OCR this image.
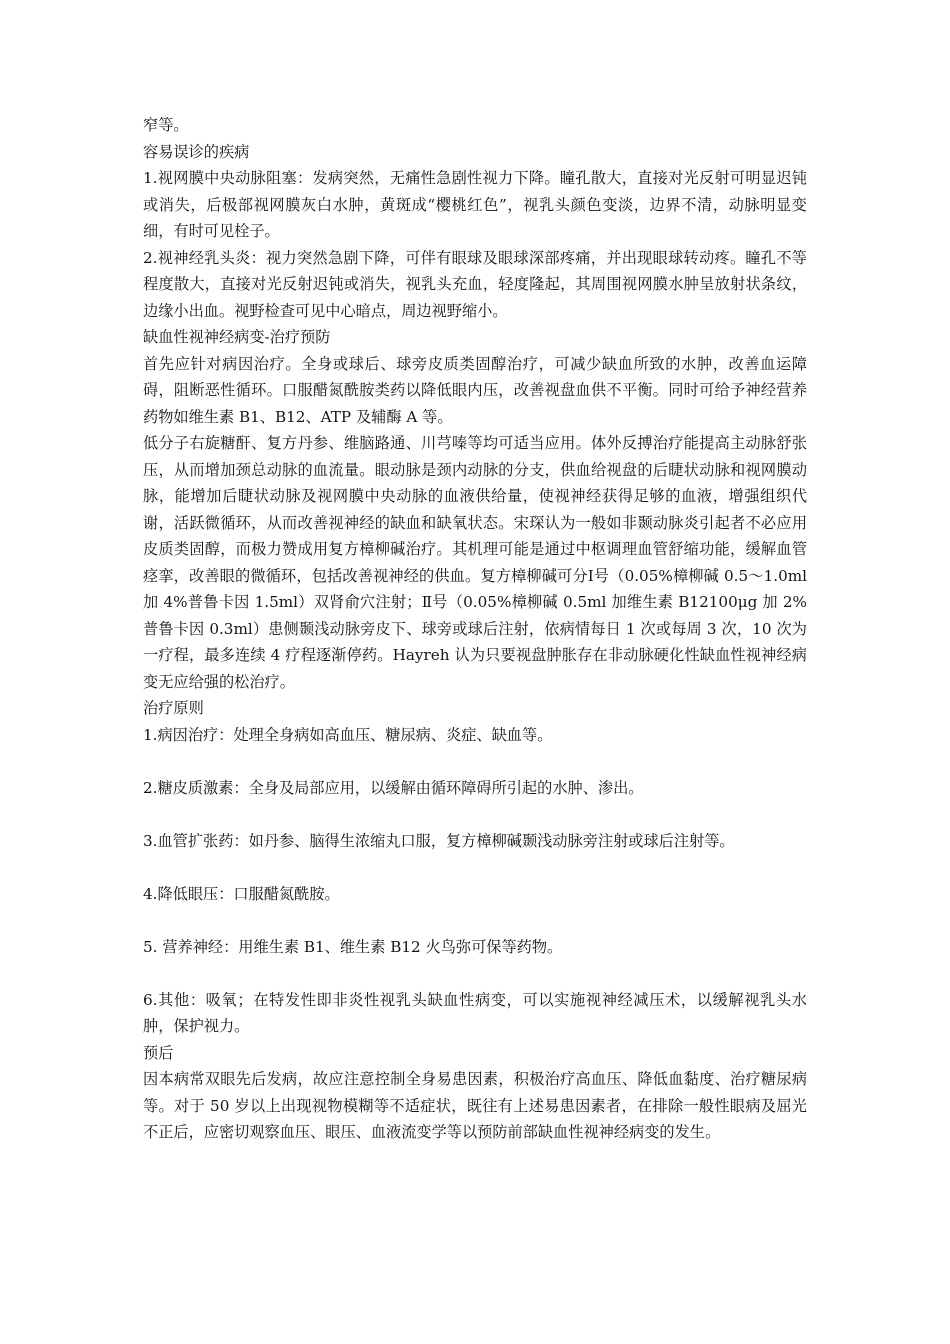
窄等。

容易误诊的疾病

1.视网膜中央动脉阻塞：发病突然，无痛性急剧性视力下降。瞳孔散大，直接对光反射可明显迟钝或消失，后极部视网膜灰白水肿，黄斑成“樱桃红色”，视乳头颜色变淡，边界不清，动脉明显变细，有时可见栓子。

2.视神经乳头炎：视力突然急剧下降，可伴有眼球及眼球深部疼痛，并出现眼球转动疼。瞳孔不等程度散大，直接对光反射迟钝或消失，视乳头充血，轻度隆起，其周围视网膜水肿呈放射状条纹，边缘小出血。视野检查可见中心暗点，周边视野缩小。

缺血性视神经病变-治疗预防

首先应针对病因治疗。全身或球后、球旁皮质类固醇治疗，可减少缺血所致的水肿，改善血运障碍，阻断恶性循环。口服醋氮酰胺类药以降低眼内压，改善视盘血供不平衡。同时可给予神经营养药物如维生素 B1、B12、ATP 及辅酶 A 等。

低分子右旋糖酐、复方丹参、维脑路通、川芎嗪等均可适当应用。体外反搏治疗能提高主动脉舒张压，从而增加颈总动脉的血流量。眼动脉是颈内动脉的分支，供血给视盘的后睫状动脉和视网膜动脉，能增加后睫状动脉及视网膜中央动脉的血液供给量，使视神经获得足够的血液，增强组织代谢，活跃微循环，从而改善视神经的缺血和缺氧状态。宋琛认为一般如非颞动脉炎引起者不必应用皮质类固醇，而极力赞成用复方樟柳碱治疗。其机理可能是通过中枢调理血管舒缩功能，缓解血管痉挛，改善眼的微循环，包括改善视神经的供血。复方樟柳碱可分Ⅰ号（0.05%樟柳碱 0.5～1.0ml 加 4%普鲁卡因 1.5ml）双肾俞穴注射；Ⅱ号（0.05%樟柳碱 0.5ml 加维生素 B12100μg 加 2%普鲁卡因 0.3ml）患侧颞浅动脉旁皮下、球旁或球后注射，依病情每日 1 次或每周 3 次，10 次为一疗程，最多连续 4 疗程逐渐停药。Hayreh 认为只要视盘肿胀存在非动脉硬化性缺血性视神经病变无应给强的松治疗。

治疗原则

1.病因治疗：处理全身病如高血压、糖尿病、炎症、缺血等。

2.糖皮质激素：全身及局部应用，以缓解由循环障碍所引起的水肿、渗出。

3.血管扩张药：如丹参、脑得生浓缩丸口服，复方樟柳碱颞浅动脉旁注射或球后注射等。

4.降低眼压：口服醋氮酰胺。

5. 营养神经：用维生素 B1、维生素 B12 火鸟弥可保等药物。

6.其他：吸氧；在特发性即非炎性视乳头缺血性病变，可以实施视神经减压术，以缓解视乳头水肿，保护视力。

预后

因本病常双眼先后发病，故应注意控制全身易患因素，积极治疗高血压、降低血黏度、治疗糖尿病等。对于 50 岁以上出现视物模糊等不适症状，既往有上述易患因素者，在排除一般性眼病及屈光不正后，应密切观察血压、眼压、血液流变学等以预防前部缺血性视神经病变的发生。
